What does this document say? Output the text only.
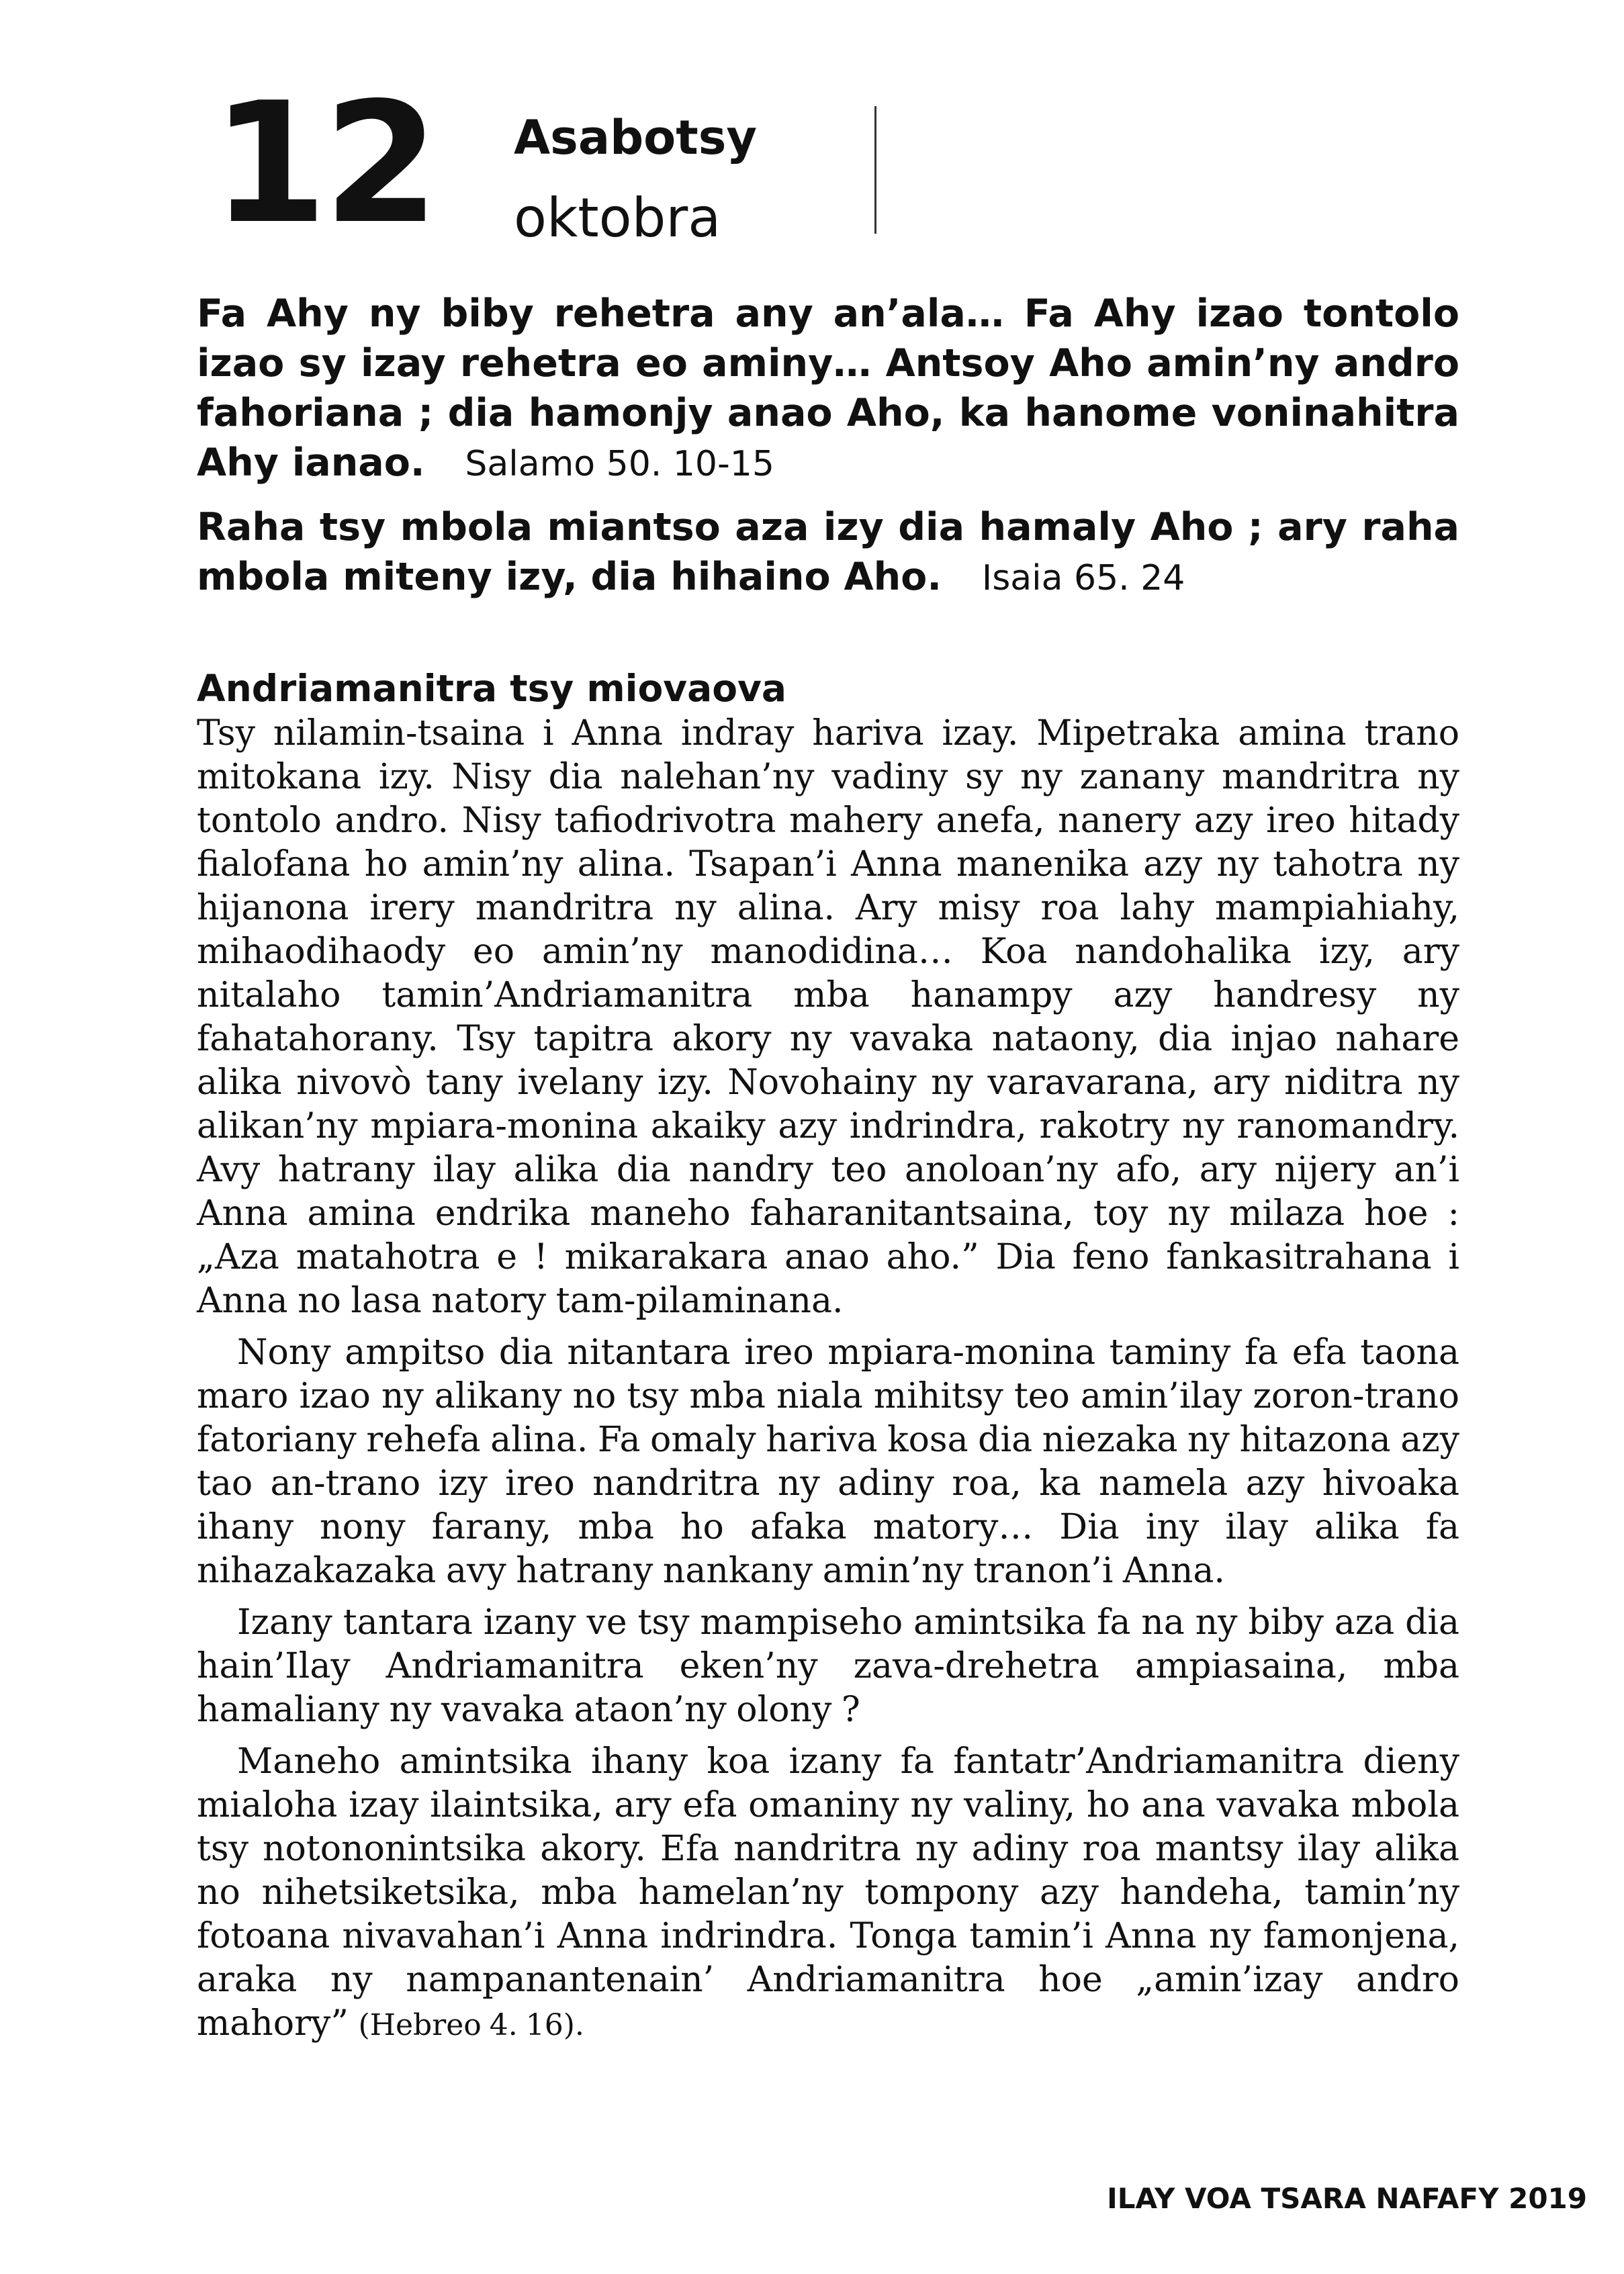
12 Asabotsy
oktobra

Fa Ahy ny biby rehetra any an’ala… Fa Ahy izao tontolo izao sy izay rehetra eo aminy… Antsoy Aho amin’ny andro fahoriana ; dia hamonjy anao Aho, ka hanome voninahitra Ahy ianao. Salamo 50. 10-15

Raha tsy mbola miantso aza izy dia hamaly Aho ; ary raha mbola miteny izy, dia hihaino Aho. Isaia 65. 24

Andriamanitra tsy miovaova

Tsy nilamin-tsaina i Anna indray hariva izay. Mipetraka amina trano mitokana izy. Nisy dia nalehan’ny vadiny sy ny zanany mandritra ny tontolo andro. Nisy tafiodrivotra mahery anefa, nanery azy ireo hitady fialofana ho amin’ny alina. Tsapan’i Anna manenika azy ny tahotra ny hijanona irery mandritra ny alina. Ary misy roa lahy mampiahiahy, mihaodihaody eo amin’ny manodidina… Koa nandohalika izy, ary nitalaho tamin’Andriamanitra mba hanampy azy handresy ny fahatahorany. Tsy tapitra akory ny vavaka nataony, dia injao nahare alika nivovò tany ivelany izy. Novohainy ny varavarana, ary niditra ny alikan’ny mpiara-monina akaiky azy indrindra, rakotry ny ranomandry. Avy hatrany ilay alika dia nandry teo anoloan’ny afo, ary nijery an’i Anna amina endrika maneho faharanitantsaina, toy ny milaza hoe : „Aza matahotra e ! mikarakara anao aho.” Dia feno fankasitrahana i Anna no lasa natory tam-pilaminana.

Nony ampitso dia nitantara ireo mpiara-monina taminy fa efa taona maro izao ny alikany no tsy mba niala mihitsy teo amin’ilay zoron-trano fatoriany rehefa alina. Fa omaly hariva kosa dia niezaka ny hitazona azy tao an-trano izy ireo nandritra ny adiny roa, ka namela azy hivoaka ihany nony farany, mba ho afaka matory… Dia iny ilay alika fa nihazakazaka avy hatrany nankany amin’ny tranon’i Anna.

Izany tantara izany ve tsy mampiseho amintsika fa na ny biby aza dia hain’Ilay Andriamanitra eken’ny zava-drehetra ampiasaina, mba hamaliany ny vavaka ataon’ny olony ?

Maneho amintsika ihany koa izany fa fantatr’Andriamanitra dieny mialoha izay ilaintsika, ary efa omaniny ny valiny, ho ana vavaka mbola tsy notononintsika akory. Efa nandritra ny adiny roa mantsy ilay alika no nihetsiketsika, mba hamelan’ny tompony azy handeha, tamin’ny fotoana nivavahan’i Anna indrindra. Tonga tamin’i Anna ny famonjena, araka ny nampanantenain’ Andriamanitra hoe „amin’izay andro mahory” (Hebreo 4. 16).

ILAY VOA TSARA NAFAFY 2019
